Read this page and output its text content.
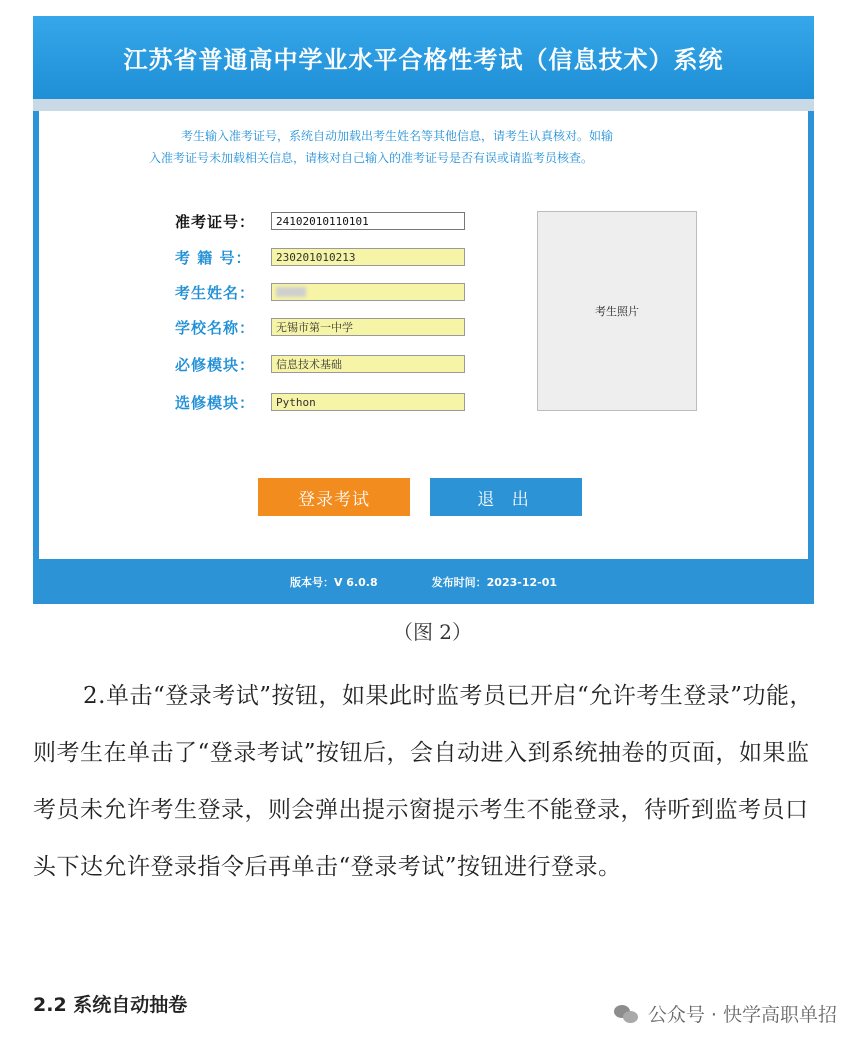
江苏省普通高中学业水平合格性考试（信息技术）系统

考生输入准考证号，系统自动加载出考生姓名等其他信息，请考生认真核对。如输

入准考证号未加载相关信息，请核对自己输入的准考证号是否有误或请监考员核查。

准考证号：	24102010110101
考 籍 号：	230201010213
考生姓名：
学校名称：	无锡市第一中学
必修模块：	信息技术基础
选修模块：	Python
考生照片
登录考试	退 出
版本号：V 6.0.8	发布时间：2023-12-01
（图 2）

2.单击“登录考试”按钮，如果此时监考员已开启“允许考生登录”功能，则考生在单击了“登录考试”按钮后，会自动进入到系统抽卷的页面，如果监考员未允许考生登录，则会弹出提示窗提示考生不能登录，待听到监考员口头下达允许登录指令后再单击“登录考试”按钮进行登录。

2.2 系统自动抽卷	公众号 · 快学高职单招
